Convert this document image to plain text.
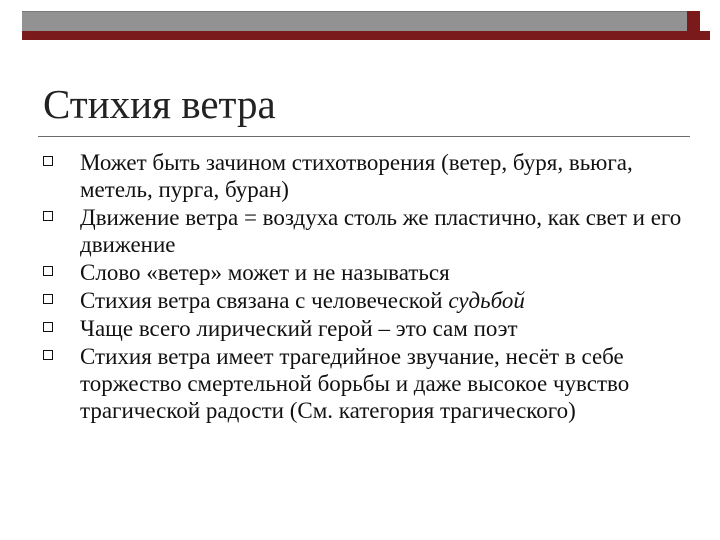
Стихия ветра
Может быть зачином стихотворения (ветер, буря, вьюга, метель, пурга, буран)
Движение ветра = воздуха столь же пластично, как свет и его движение
Слово «ветер» может и не называться
Стихия ветра связана с человеческой судьбой
Чаще всего лирический герой – это сам поэт
Стихия ветра имеет трагедийное звучание, несёт в себе торжество смертельной борьбы и даже высокое чувство трагической радости (См. категория трагического)
